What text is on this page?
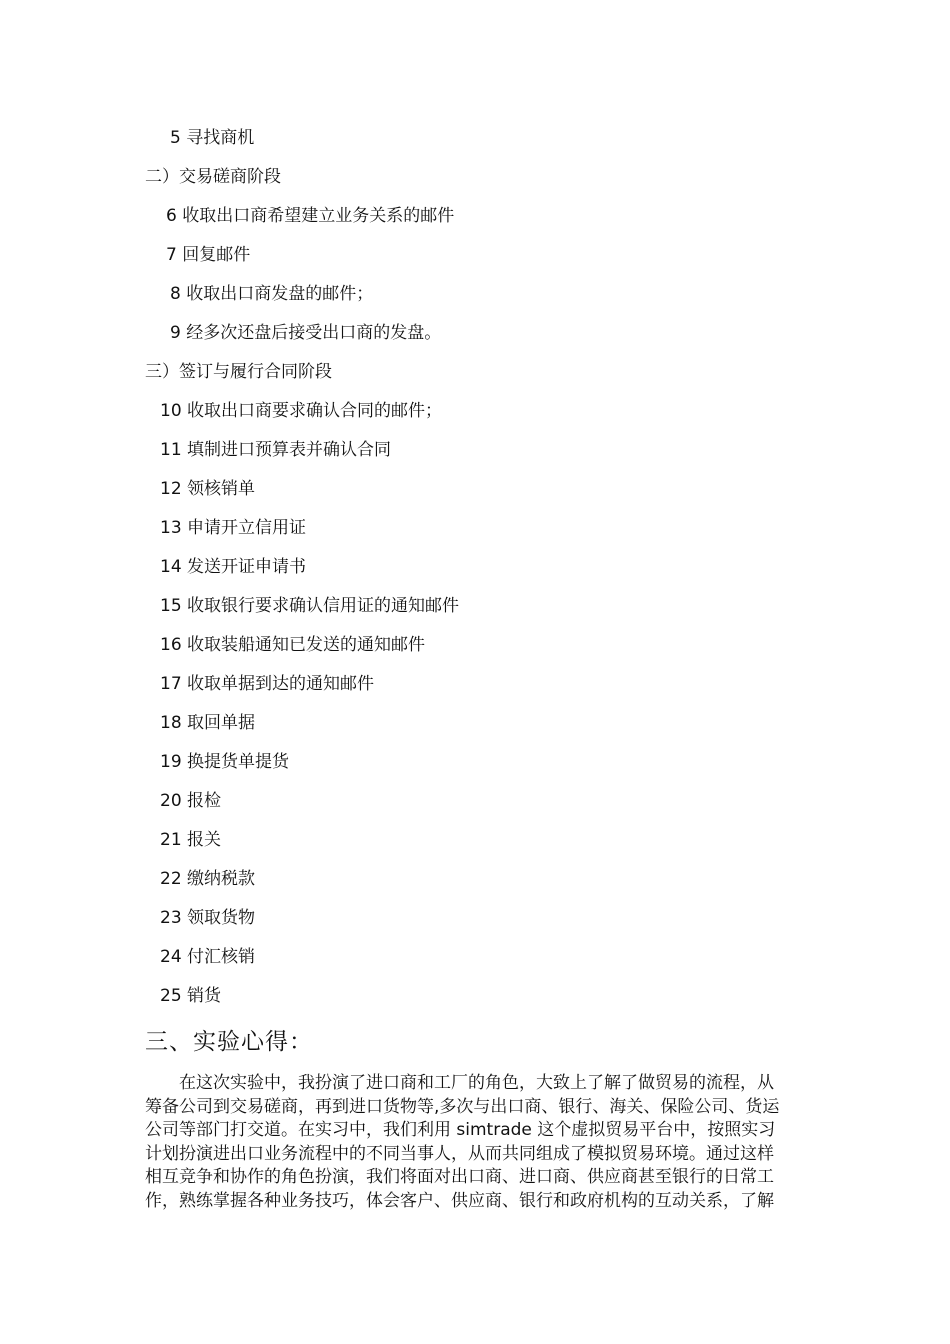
5 寻找商机
二）交易磋商阶段
6 收取出口商希望建立业务关系的邮件
7 回复邮件
8 收取出口商发盘的邮件；
9 经多次还盘后接受出口商的发盘。
三）签订与履行合同阶段
10 收取出口商要求确认合同的邮件；
11 填制进口预算表并确认合同
12 领核销单
13 申请开立信用证
14 发送开证申请书
15 收取银行要求确认信用证的通知邮件
16 收取装船通知已发送的通知邮件
17 收取单据到达的通知邮件
18 取回单据
19 换提货单提货
20 报检
21 报关
22 缴纳税款
23 领取货物
24 付汇核销
25 销货
三、实验心得：
在这次实验中，我扮演了进口商和工厂的角色，大致上了解了做贸易的流程，从
筹备公司到交易磋商，再到进口货物等,多次与出口商、银行、海关、保险公司、货运
公司等部门打交道。在实习中，我们利用 simtrade 这个虚拟贸易平台中，按照实习
计划扮演进出口业务流程中的不同当事人，从而共同组成了模拟贸易环境。通过这样
相互竞争和协作的角色扮演，我们将面对出口商、进口商、供应商甚至银行的日常工
作，熟练掌握各种业务技巧，体会客户、供应商、银行和政府机构的互动关系，了解
